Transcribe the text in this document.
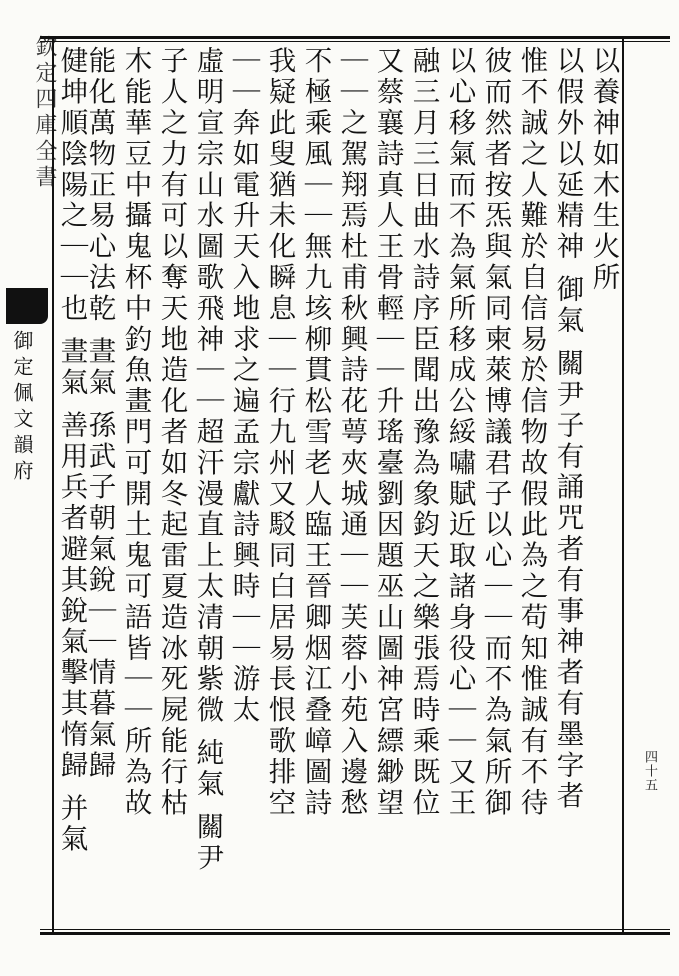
欽定四庫全書
御定佩文韻府
四十五
以養神如木生火所
以假外以延精神 御氣 關尹子有誦咒者有事神者有墨字者
惟不誠之人難於自信易於信物故假此為之苟知惟誠有不待
彼而然者按炁與氣同柬萊博議君子以心｜｜而不為氣所御
以心移氣而不為氣所移成公綏嘯賦近取諸身役心｜｜又王
融三月三日曲水詩序臣聞出豫為象鈞天之樂張焉時乘既位
又蔡襄詩真人王骨輕｜｜升瑤臺劉因題巫山圖神宮縹緲望
｜｜之駕翔焉杜甫秋興詩花萼夾城通｜｜芙蓉小苑入邊愁
不極乘風｜｜無九垓柳貫松雪老人臨王晉卿烟江叠嶂圖詩
我疑此叟猶未化瞬息｜｜行九州又駁同白居易長恨歌排空
｜｜奔如電升天入地求之遍孟宗獻詩興時｜｜游太
虛明宣宗山水圖歌飛神｜｜超汗漫直上太清朝紫微 純氣 關尹
子人之力有可以奪天地造化者如冬起雷夏造冰死屍能行枯
木能華豆中攝鬼杯中釣魚畫門可開土鬼可語皆｜｜所為故
能化萬物正易心法乾 晝氣 孫武子朝氣銳｜｜情暮氣歸
健坤順陰陽之｜｜也 晝氣 善用兵者避其銳氣擊其惰歸 并氣
